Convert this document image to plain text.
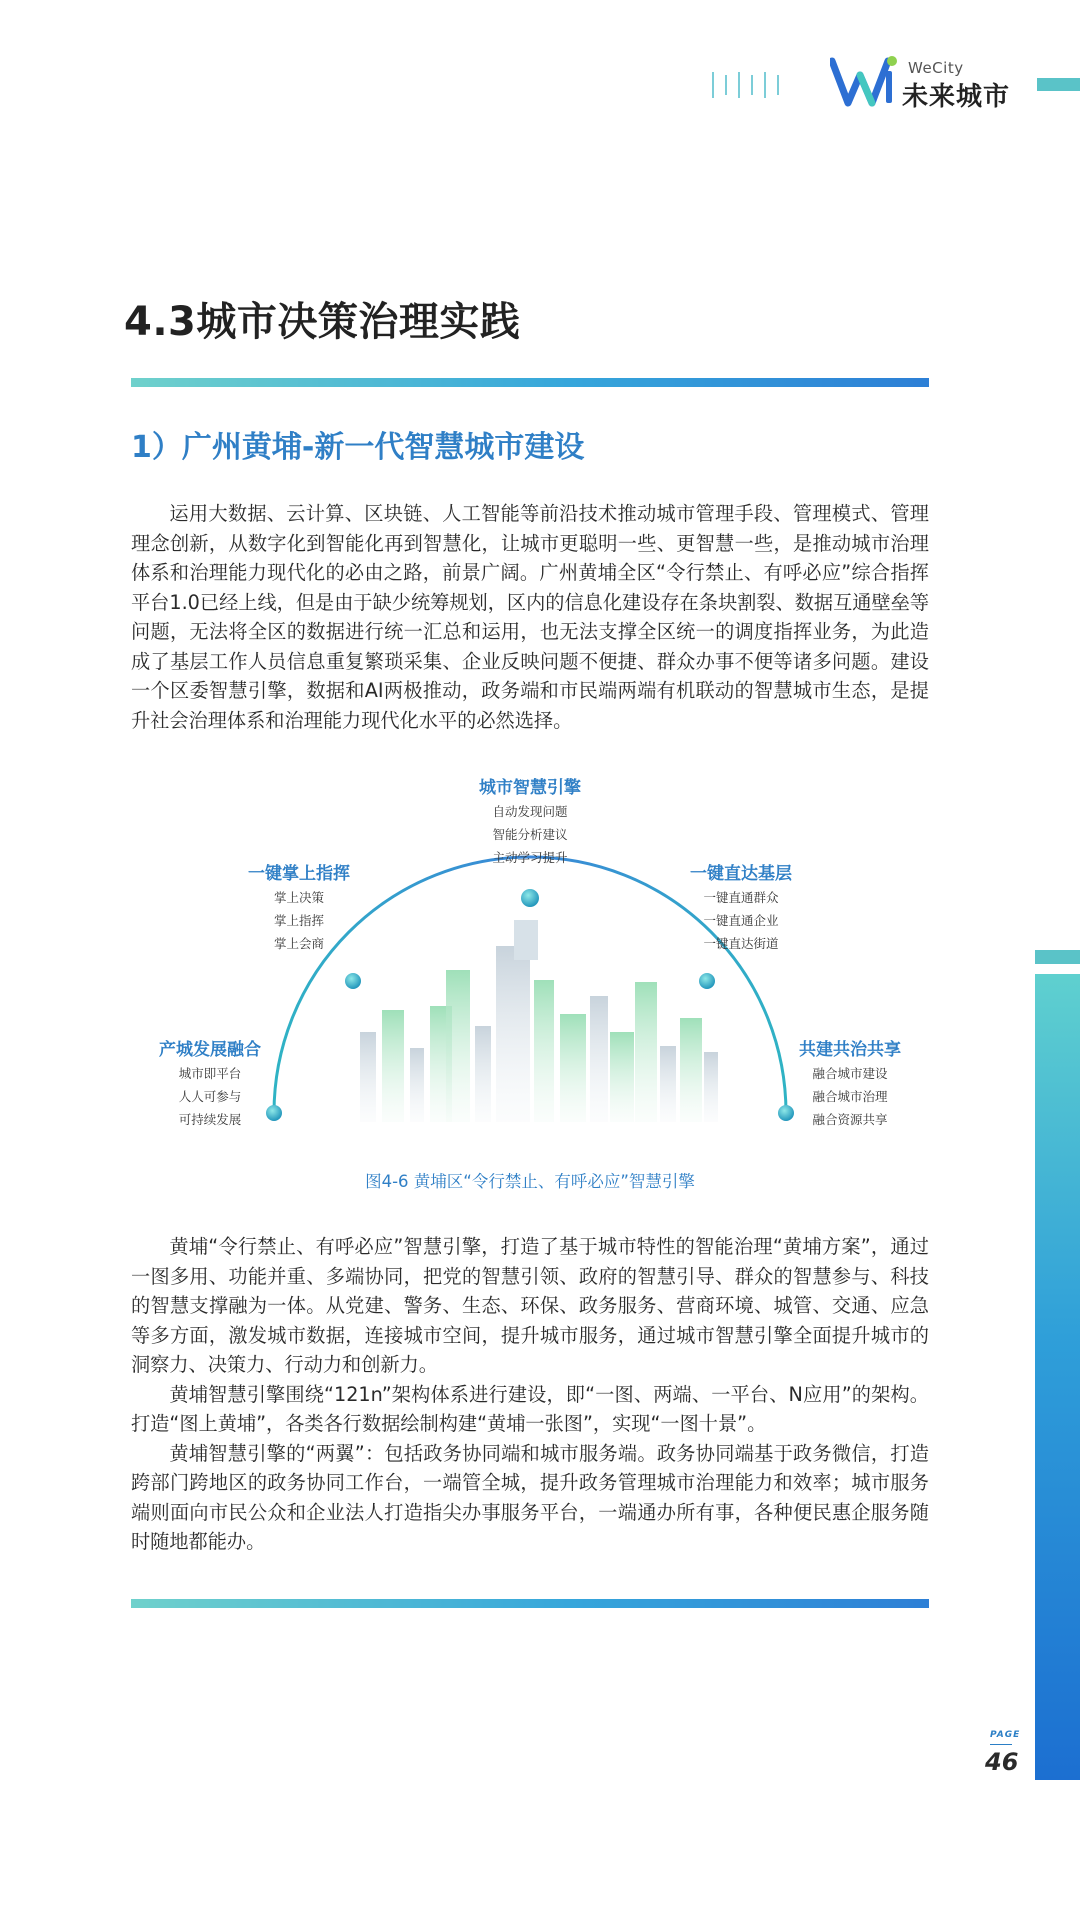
WeCity
未来城市
4.3城市决策治理实践
1）广州黄埔-新一代智慧城市建设

运用大数据、云计算、区块链、人工智能等前沿技术推动城市管理手段、管理模式、管理理念创新，从数字化到智能化再到智慧化，让城市更聪明一些、更智慧一些，是推动城市治理体系和治理能力现代化的必由之路，前景广阔。广州黄埔全区“令行禁止、有呼必应”综合指挥平台1.0已经上线，但是由于缺少统筹规划，区内的信息化建设存在条块割裂、数据互通壁垒等问题，无法将全区的数据进行统一汇总和运用，也无法支撑全区统一的调度指挥业务，为此造成了基层工作人员信息重复繁琐采集、企业反映问题不便捷、群众办事不便等诸多问题。建设一个区委智慧引擎，数据和AI两极推动，政务端和市民端两端有机联动的智慧城市生态，是提升社会治理体系和治理能力现代化水平的必然选择。

城市智慧引擎
自动发现问题
智能分析建议
主动学习提升
一键掌上指挥
掌上决策
掌上指挥
掌上会商
一键直达基层
一键直通群众
一键直通企业
一键直达街道
产城发展融合
城市即平台
人人可参与
可持续发展
共建共治共享
融合城市建设
融合城市治理
融合资源共享
图4-6 黄埔区“令行禁止、有呼必应”智慧引擎

黄埔“令行禁止、有呼必应”智慧引擎，打造了基于城市特性的智能治理“黄埔方案”，通过一图多用、功能并重、多端协同，把党的智慧引领、政府的智慧引导、群众的智慧参与、科技的智慧支撑融为一体。从党建、警务、生态、环保、政务服务、营商环境、城管、交通、应急等多方面，激发城市数据，连接城市空间，提升城市服务，通过城市智慧引擎全面提升城市的洞察力、决策力、行动力和创新力。

黄埔智慧引擎围绕“121n”架构体系进行建设，即“一图、两端、一平台、N应用”的架构。打造“图上黄埔”，各类各行数据绘制构建“黄埔一张图”，实现“一图十景”。

黄埔智慧引擎的“两翼”：包括政务协同端和城市服务端。政务协同端基于政务微信，打造跨部门跨地区的政务协同工作台，一端管全城，提升政务管理城市治理能力和效率；城市服务端则面向市民公众和企业法人打造指尖办事服务平台，一端通办所有事，各种便民惠企服务随时随地都能办。

PAGE
46
